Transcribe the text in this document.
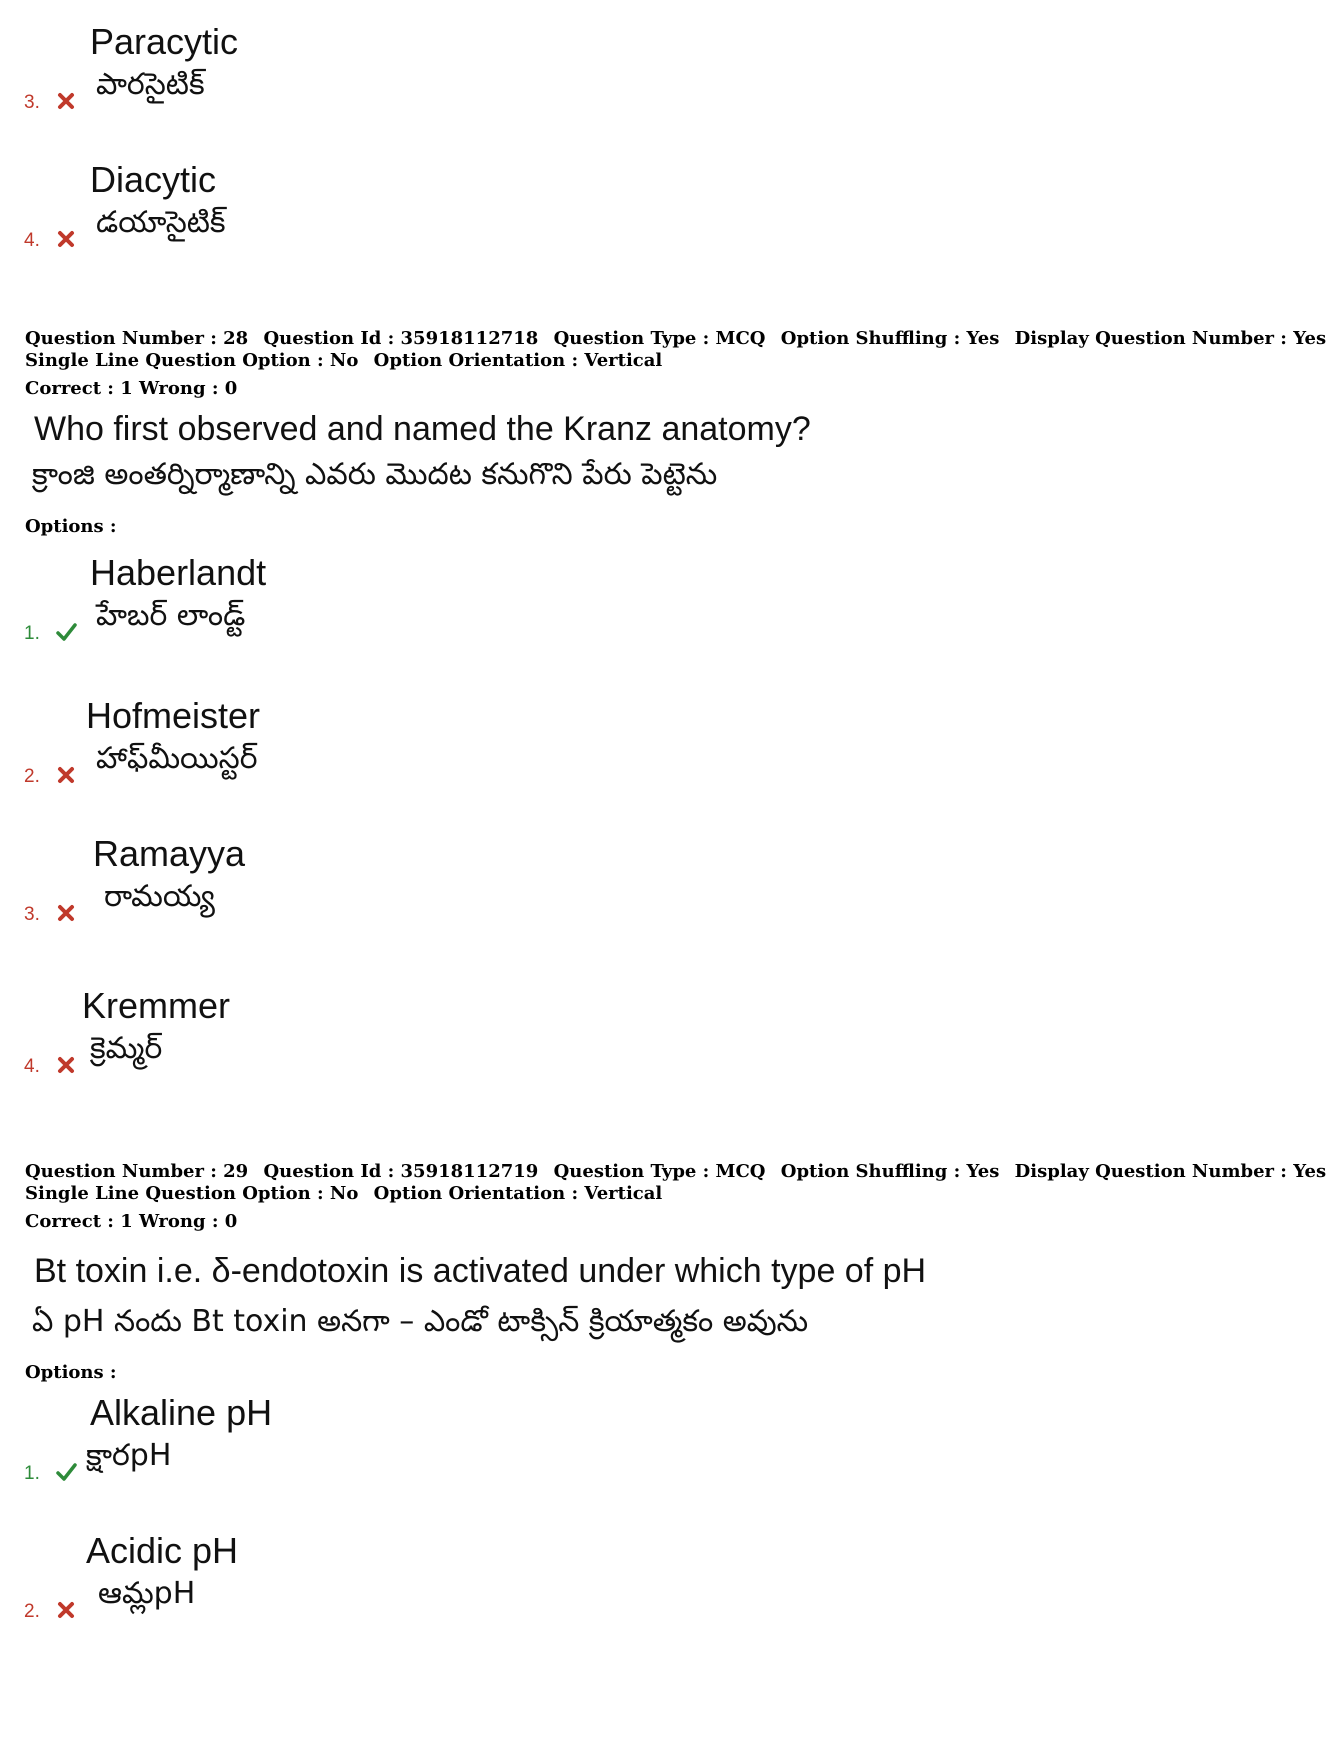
Paracytic
పారసైటిక్
3.
Diacytic
డయాసైటిక్
4.
Question Number : 28 Question Id : 35918112718 Question Type : MCQ Option Shuffling : Yes Display Question Number : Yes
Single Line Question Option : No Option Orientation : Vertical
Correct : 1 Wrong : 0
Who first observed and named the Kranz anatomy?
క్రాంజి అంతర్నిర్మాణాన్ని ఎవరు మొదట కనుగొని పేరు పెట్టెను
Options :
Haberlandt
హేబర్ లాండ్ట్
1.
Hofmeister
హాఫ్‌మీయిస్టర్
2.
Ramayya
రామయ్య
3.
Kremmer
క్రెమ్మర్
4.
Question Number : 29 Question Id : 35918112719 Question Type : MCQ Option Shuffling : Yes Display Question Number : Yes
Single Line Question Option : No Option Orientation : Vertical
Correct : 1 Wrong : 0
Bt toxin i.e. δ-endotoxin is activated under which type of pH
ఏ pH నందు Bt toxin అనగా – ఎండో టాక్సిన్ క్రియాత్మకం అవును
Options :
Alkaline pH
క్షారpH
1.
Acidic pH
ఆమ్లpH
2.
